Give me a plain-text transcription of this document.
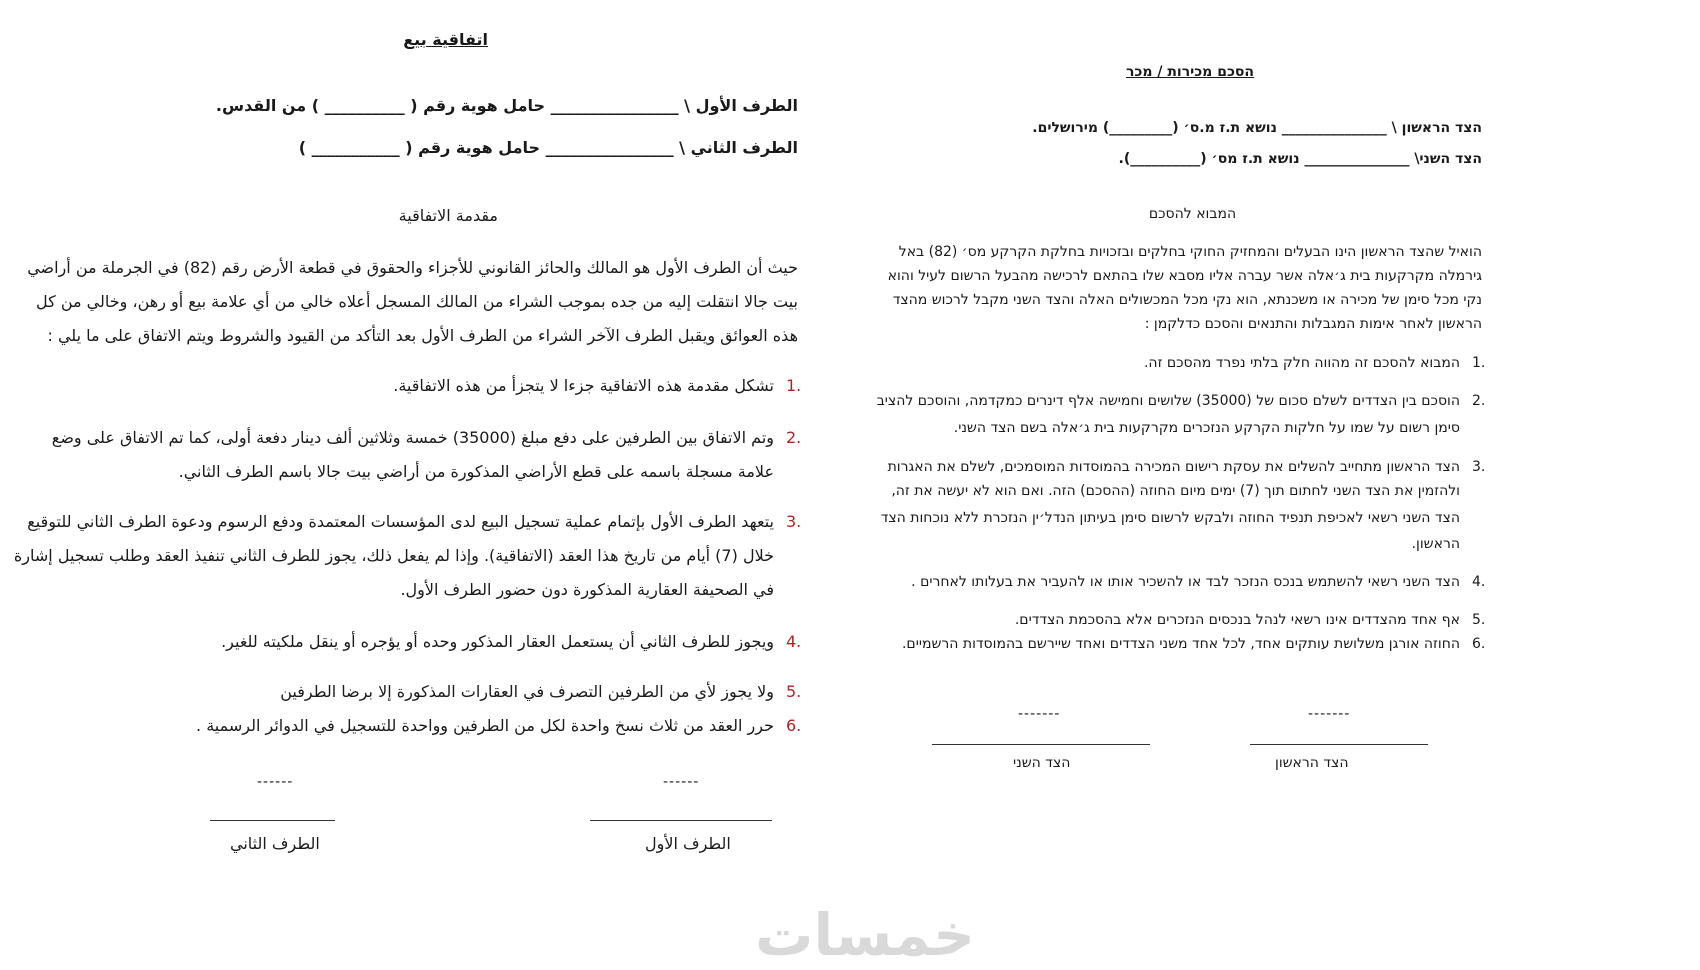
اتفاقية بيع
الطرف الأول \ ________________ حامل هوية رقم ( __________ ) من القدس.
الطرف الثاني \ ________________ حامل هوية رقم ( ___________ )
مقدمة الاتفاقية
حيث أن الطرف الأول هو المالك والحائز القانوني للأجزاء والحقوق في قطعة الأرض رقم (82) في الجرملة من أراضي
بيت جالا انتقلت إليه من جده بموجب الشراء من المالك المسجل أعلاه خالي من أي علامة بيع أو رهن، وخالي من كل
هذه العوائق ويقبل الطرف الآخر الشراء من الطرف الأول بعد التأكد من القيود والشروط ويتم الاتفاق على ما يلي :
1.
تشكل مقدمة هذه الاتفاقية جزءا لا يتجزأ من هذه الاتفاقية.
2.
وتم الاتفاق بين الطرفين على دفع مبلغ (35000) خمسة وثلاثين ألف دينار دفعة أولى، كما تم الاتفاق على وضع
علامة مسجلة باسمه على قطع الأراضي المذكورة من أراضي بيت جالا باسم الطرف الثاني.
3.
يتعهد الطرف الأول بإتمام عملية تسجيل البيع لدى المؤسسات المعتمدة ودفع الرسوم ودعوة الطرف الثاني للتوقيع
خلال (7) أيام من تاريخ هذا العقد (الاتفاقية). وإذا لم يفعل ذلك، يجوز للطرف الثاني تنفيذ العقد وطلب تسجيل إشارة
في الصحيفة العقارية المذكورة دون حضور الطرف الأول.
4.
ويجوز للطرف الثاني أن يستعمل العقار المذكور وحده أو يؤجره أو ينقل ملكيته للغير.
5.
ولا يجوز لأي من الطرفين التصرف في العقارات المذكورة إلا برضا الطرفين
6.
حرر العقد من ثلاث نسخ واحدة لكل من الطرفين وواحدة للتسجيل في الدوائر الرسمية .
------
------
الطرف الأول
الطرف الثاني
הסכם מכירות / מכר
הצד הראשון \ _______________ נושא ת.ז מ.ס׳ (_________) מירושלים.
הצד השני\ _______________ נושא ת.ז מס׳ (__________).
המבוא להסכם
הואיל שהצד הראשון הינו הבעלים והמחזיק החוקי בחלקים ובזכויות בחלקת הקרקע מס׳ (82) באל
גירמלה מקרקעות בית ג׳אלה אשר עברה אליו מסבא שלו בהתאם לרכישה מהבעל הרשום לעיל והוא
נקי מכל סימן של מכירה או משכנתא, הוא נקי מכל המכשולים האלה והצד השני מקבל לרכוש מהצד
הראשון לאחר אימות המגבלות והתנאים והסכם כדלקמן :
1.
המבוא להסכם זה מהווה חלק בלתי נפרד מהסכם זה.
2.
הוסכם בין הצדדים לשלם סכום של (35000) שלושים וחמישה אלף דינרים כמקדמה, והוסכם להציב
סימן רשום על שמו על חלקות הקרקע הנזכרים מקרקעות בית ג׳אלה בשם הצד השני.
3.
הצד הראשון מתחייב להשלים את עסקת רישום המכירה בהמוסדות המוסמכים, לשלם את האגרות
ולהזמין את הצד השני לחתום תוך (7) ימים מיום החוזה (ההסכם) הזה. ואם הוא לא יעשה את זה,
הצד השני רשאי לאכיפת תנפיד החוזה ולבקש לרשום סימן בעיתון הנדל׳ין הנזכרת ללא נוכחות הצד
הראשון.
4.
הצד השני רשאי להשתמש בנכס הנזכר לבד או להשכיר אותו או להעביר את בעלותו לאחרים .
5.
אף אחד מהצדדים אינו רשאי לנהל בנכסים הנזכרים אלא בהסכמת הצדדים.
6.
החוזה אורגן משלושת עותקים אחד, לכל אחד משני הצדדים ואחד שיירשם בהמוסדות הרשמיים.
-------
-------
הצד הראשון
הצד השני
خمسات
